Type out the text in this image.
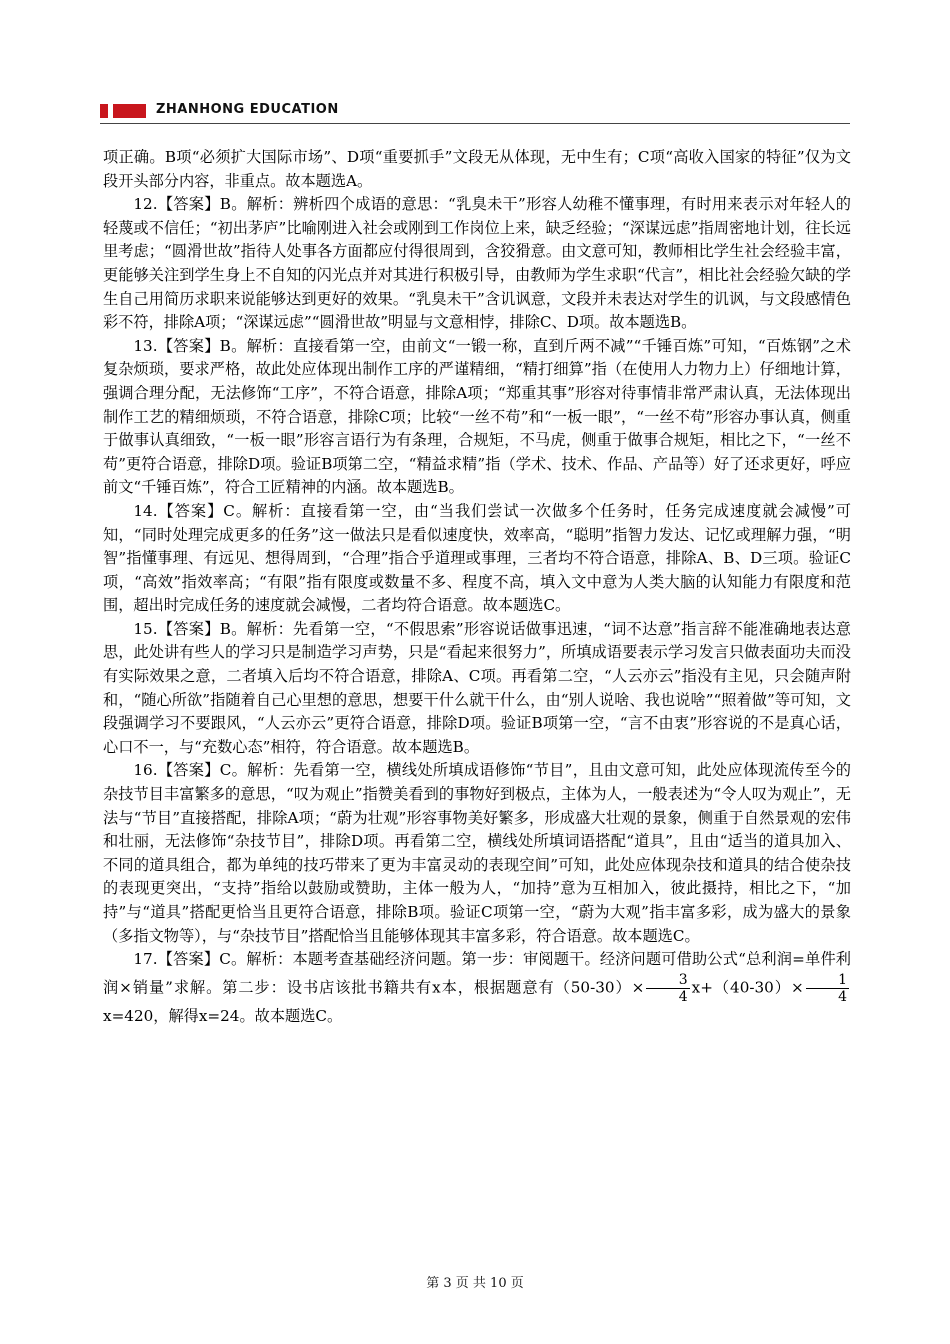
ZHANHONG EDUCATION

项正确。B项“必须扩大国际市场”、D项“重要抓手”文段无从体现，无中生有；C项“高收入国家的特征”仅为文段开头部分内容，非重点。故本题选A。

12.【答案】B。解析：辨析四个成语的意思：“乳臭未干”形容人幼稚不懂事理，有时用来表示对年轻人的轻蔑或不信任；“初出茅庐”比喻刚进入社会或刚到工作岗位上来，缺乏经验；“深谋远虑”指周密地计划，往长远里考虑；“圆滑世故”指待人处事各方面都应付得很周到，含狡猾意。由文意可知，教师相比学生社会经验丰富，更能够关注到学生身上不自知的闪光点并对其进行积极引导，由教师为学生求职“代言”，相比社会经验欠缺的学生自己用简历求职来说能够达到更好的效果。“乳臭未干”含讥讽意，文段并未表达对学生的讥讽，与文段感情色彩不符，排除A项；“深谋远虑”“圆滑世故”明显与文意相悖，排除C、D项。故本题选B。

13.【答案】B。解析：直接看第一空，由前文“一锻一称，直到斤两不减”“千锤百炼”可知，“百炼钢”之术复杂烦琐，要求严格，故此处应体现出制作工序的严谨精细，“精打细算”指（在使用人力物力上）仔细地计算，强调合理分配，无法修饰“工序”，不符合语意，排除A项；“郑重其事”形容对待事情非常严肃认真，无法体现出制作工艺的精细烦琐，不符合语意，排除C项；比较“一丝不苟”和“一板一眼”，“一丝不苟”形容办事认真，侧重于做事认真细致，“一板一眼”形容言语行为有条理，合规矩，不马虎，侧重于做事合规矩，相比之下，“一丝不苟”更符合语意，排除D项。验证B项第二空，“精益求精”指（学术、技术、作品、产品等）好了还求更好，呼应前文“千锤百炼”，符合工匠精神的内涵。故本题选B。

14.【答案】C。解析：直接看第一空，由“当我们尝试一次做多个任务时，任务完成速度就会减慢”可知，“同时处理完成更多的任务”这一做法只是看似速度快，效率高，“聪明”指智力发达、记忆或理解力强，“明智”指懂事理、有远见、想得周到，“合理”指合乎道理或事理，三者均不符合语意，排除A、B、D三项。验证C项，“高效”指效率高；“有限”指有限度或数量不多、程度不高，填入文中意为人类大脑的认知能力有限度和范围，超出时完成任务的速度就会减慢，二者均符合语意。故本题选C。

15.【答案】B。解析：先看第一空，“不假思索”形容说话做事迅速，“词不达意”指言辞不能准确地表达意思，此处讲有些人的学习只是制造学习声势，只是“看起来很努力”，所填成语要表示学习发言只做表面功夫而没有实际效果之意，二者填入后均不符合语意，排除A、C项。再看第二空，“人云亦云”指没有主见，只会随声附和，“随心所欲”指随着自己心里想的意思，想要干什么就干什么，由“别人说啥、我也说啥”“照着做”等可知，文段强调学习不要跟风，“人云亦云”更符合语意，排除D项。验证B项第一空，“言不由衷”形容说的不是真心话，心口不一，与“充数心态”相符，符合语意。故本题选B。

16.【答案】C。解析：先看第一空，横线处所填成语修饰“节目”，且由文意可知，此处应体现流传至今的杂技节目丰富繁多的意思，“叹为观止”指赞美看到的事物好到极点，主体为人，一般表述为“令人叹为观止”，无法与“节目”直接搭配，排除A项；“蔚为壮观”形容事物美好繁多，形成盛大壮观的景象，侧重于自然景观的宏伟和壮丽，无法修饰“杂技节目”，排除D项。再看第二空，横线处所填词语搭配“道具”，且由“适当的道具加入、不同的道具组合，都为单纯的技巧带来了更为丰富灵动的表现空间”可知，此处应体现杂技和道具的结合使杂技的表现更突出，“支持”指给以鼓励或赞助，主体一般为人，“加持”意为互相加入，彼此摄持，相比之下，“加持”与“道具”搭配更恰当且更符合语意，排除B项。验证C项第一空，“蔚为大观”指丰富多彩，成为盛大的景象（多指文物等），与“杂技节目”搭配恰当且能够体现其丰富多彩，符合语意。故本题选C。

17.【答案】C。解析：本题考查基础经济问题。第一步：审阅题干。经济问题可借助公式“总利润=单件利润×销量”求解。第二步：设书店该批书籍共有x本，根据题意有$(50-30)\times \frac{3}{4} x+(40-30)\times \frac{1}{4}$
x=420，解得x=24。故本题选C。

第 3 页 共 10 页
